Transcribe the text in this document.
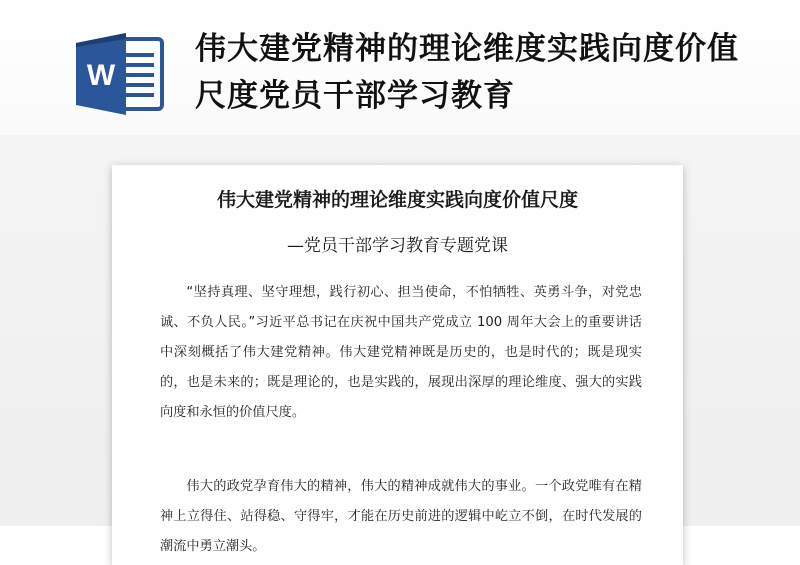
W
伟大建党精神的理论维度实践向度价值尺度党员干部学习教育
伟大建党精神的理论维度实践向度价值尺度
—党员干部学习教育专题党课
“坚持真理、坚守理想，践行初心、担当使命，不怕牺牲、英勇斗争，对党忠诚、不负人民。”习近平总书记在庆祝中国共产党成立 100 周年大会上的重要讲话中深刻概括了伟大建党精神。伟大建党精神既是历史的，也是时代的；既是现实的，也是未来的；既是理论的，也是实践的，展现出深厚的理论维度、强大的实践向度和永恒的价值尺度。
伟大的政党孕育伟大的精神，伟大的精神成就伟大的事业。一个政党唯有在精神上立得住、站得稳、守得牢，才能在历史前进的逻辑中屹立不倒，在时代发展的潮流中勇立潮头。
